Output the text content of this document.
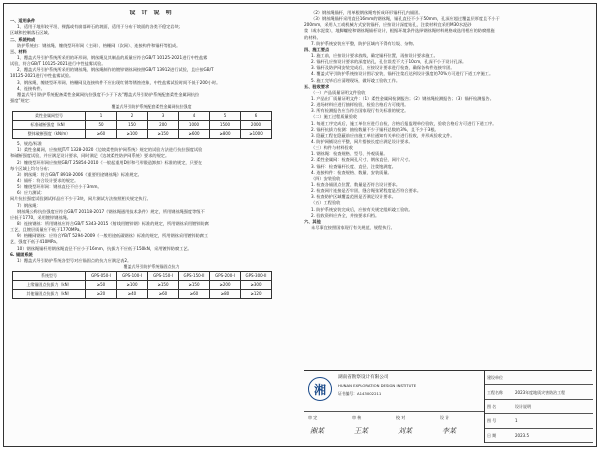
设 计 说 明
一、适用条件
1、适用于地形较平坦、裸露或有崩落碎石的坡面，适用于分布于坡面的各类不稳定岩块；
区域和控制落石区域。
二、系统构成
防护系统由：钢丝绳、缠绕型环形网（主网）、格栅网（次网）、连接构件和锚杆等组成。
三、材料
1、覆盖式导引护系统所采用的环形网、钢丝绳及其制品的质量应符合GB/T 10125-2021进行中性盐雾
试验，符合GB/T 10125-2021进行中性盐雾试验。
2、覆盖式导引护系统所采用的钢丝绳、钢丝绳制作的镀锌钢丝网按照GB/T 13912进行试验，且应按GB/T
10125-2021进行中性盐雾试验。
3、钢丝绳、缠绕型环形网、格栅网及连接构件不应出现红锈等锈蚀迹象，中性盐雾试验时间不低于200小时。
4、连接构件。
覆盖式导引防护系统配备柔性金属网抗拉强度不小于下表“覆盖式导引防护系统配套柔性金属网抗拉
强度”规定：
覆盖式导引防护系统配套柔性金属网抗拉强度
柔性金属网型号	1	2	3	4	5	6
标准破断强度（kN）	50	150	200	1000	1500	2000
整体破断强度（kN/m）	≥60	≥100	≥150	≥600	≥800	≥1000
5、规范/标准
1）柔性金属网，应按照JT/T 1328-2020《边坡柔性防护网系统》规定的试验方法进行抗拉强度试验
和破断强度试验，并应满足设计要求，同时满足《边坡柔性防护网系统》要求的规定。
2）缠绕型环形网应按照GB/T 25854-2010《一般起重用D形和弓形锻造卸扣》标准的规定，只要在
每个区域上均匀分布；
3）钢丝绳：符合GB/T 8918-2006《重要用途钢丝绳》标准规定。
4）锚杆：符合设计要求的规定。
5）缠绕型环形网：钢丝直径不应小于3mm。
6）应力测试：
网片抗拉强度试验测试样品应不少于3块，网片测试方法按照相关规定执行。
7）钢丝绳：
钢丝绳公称抗拉强度应符合GB/T 20118-2017《钢丝绳通用技术条件》规定，所用钢丝绳强度等级不
应低于1770，采用镀锌钢丝绳。
8）连接钢丝：所用钢丝应符合GB/T 5343-2015《射线用镀锌钢》标准的规定，所用钢丝采用镀锌防腐
工艺，且镀层质量应不低于1770MPa。
9）格栅网钢丝：应符合YB/T 5294-2009《一般用途低碳钢丝》标准的规定，所用钢丝采用镀锌防腐工
艺，强度不低于410MPa。
10）钢丝绳锚杆用钢丝绳直径不应小于16mm，抗拔力不应低于150kN，采用镀锌防腐工艺。
6. 锚固系统
1）覆盖式导引防护系统各型号对应锚固点的抗力应满足表2。
覆盖式导引防护系统锚固点抗力
系统型号	GPS-050-I	GPS-100-I	GPS-150-I	GPS-150-II	GPS-200-I	GPS-300-II
上缘锚固点抗拔力（kN）	≥50	≥100	≥150	≥150	≥200	≥300
其他锚固点抗拔力（kN）	≥20	≥40	≥60	≥60	≥80	≥120
（2）钢丝绳锚杆，用单根钢丝绳弯折成环形锚杆孔内锚固。
（3）钢丝绳锚杆采用直径16mm的钢丝绳，锚孔直径不小于50mm，孔深应超过覆盖层厚度且不小于
200mm，采用人工或机械方式安装锚杆，应按设计深度钻孔，注浆材料宜采用M30水泥砂
浆（或水泥浆），地脚螺栓和钢丝绳锚杆设计，根据环境条件选择钢丝绳材料规格或选用相应的防腐措施
的材料。
7. 防护系统安装应平整，防护区域内不得有垃圾、杂物。
四、施工要点
1. 施工前，应按设计要求放线，确定锚杆位置，再按设计要求施工。
2. 锚杆孔应按设计要求的深度钻孔，孔位误差不大于10cm，孔深不小于设计孔深。
3. 锚杆及防护网安装完成后，应按设计要求进行检查，确保各构件连接牢固。
4. 覆盖式导引防护系统按设计图示安装，锚杆注浆后达到设计强度的70%方可进行下道工序施工。
5. 施工完毕后应清理现场，做好竣工验收工作。
五、验收要求
（一）产品质量证明文件验收
1. 产品出厂质量证明文件：（1）柔性金属网检测报告；（2）钢丝绳检测报告；（3）锚杆检测报告。
2. 进场材料应进行抽样检验，检验合格后方可使用。
3. 所有检测报告应当符合国家现行有关标准的规定。
（二）施工过程质量验收
1. 每道工序完成后，施工单位应进行自检，合格后报监理单位验收，验收合格后方可进行下道工序。
2. 锚杆抗拔力检测：抽检数量不少于锚杆总数的3%，且不少于3根。
3. 隐蔽工程在隐蔽前应由施工单位通知有关单位进行验收，并形成验收文件。
4. 防护网铺设应平整，网片搭接长度应满足设计要求。
（三）构件与材料验收
1. 钢丝绳：检查规格、型号、外观质量。
2. 柔性金属网：检查网孔尺寸、钢丝直径、网片尺寸。
3. 锚杆：检查锚杆长度、直径、注浆饱满度。
4. 连接构件：检查规格、数量、安装质量。
（四）安装验收
1. 检查各锚固点位置、数量是否符合设计要求。
2. 检查网片连接是否牢固，缝合绳张紧程度是否符合要求。
3. 检查防护区域覆盖范围是否满足设计要求。
（五）工程验收
1. 防护系统安装完成后，应按有关规定组织竣工验收。
2. 验收资料应齐全，并按要求归档。
六、其他
未尽事宜按照国家现行有关规范、规程执行。
湘
湖南省勘察设计有限公司
HUNAN EXPLORATION DESIGN INSTITUTE
证书编号：A143002211
审 定
湘某
审 核
王某
校 对
刘某
设 计
李某
建设单位
工程名称	2023年度地质灾害防治工程
图 名	设计说明
图 号	1
日 期	2023.5
